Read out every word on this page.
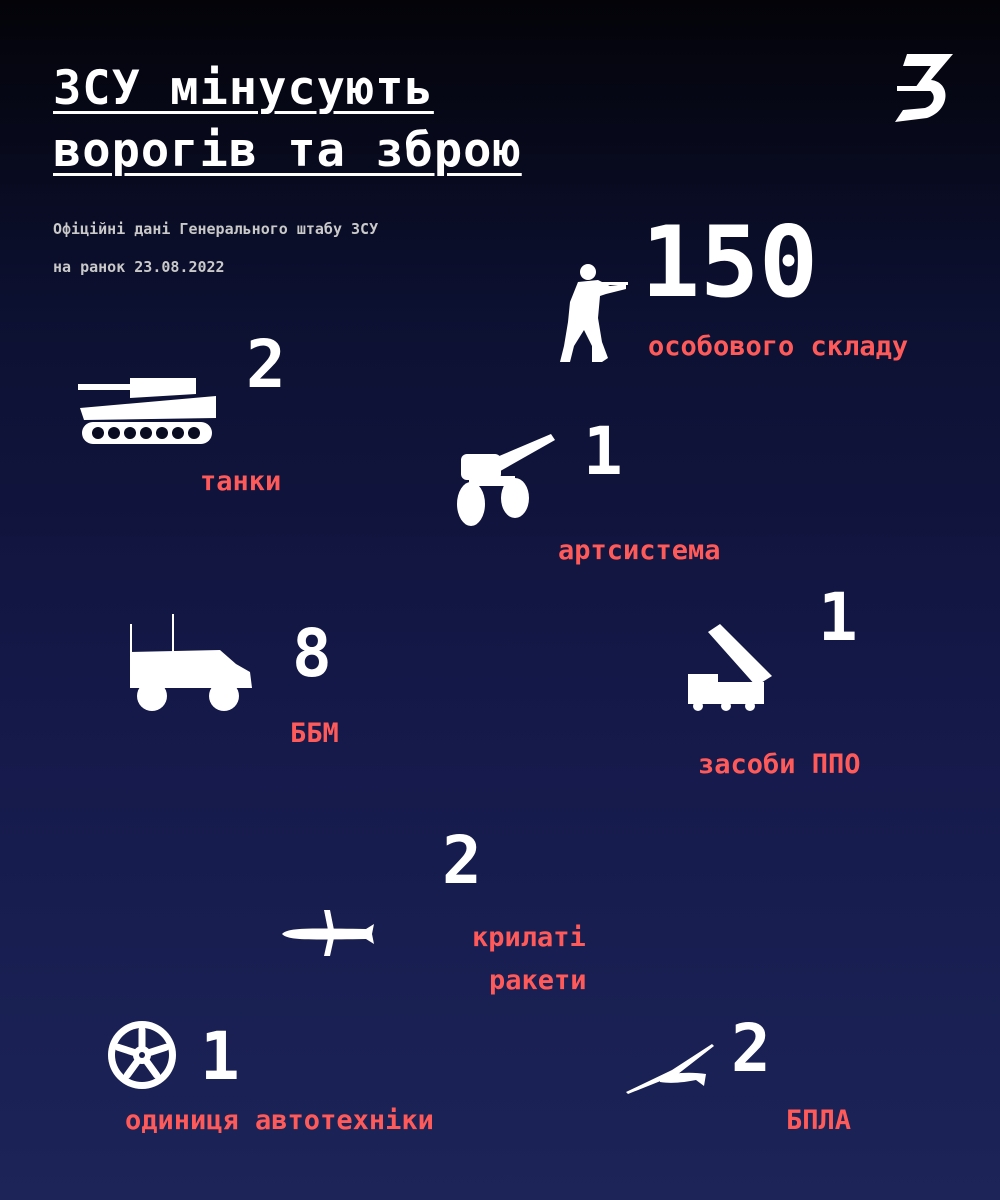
ЗСУ мінусують
ворогів та зброю
Офіційні дані Генерального штабу ЗСУ
на ранок 23.08.2022	150
особового складу
2
танки	1
артсистема
8
ББМ
1
засоби ППО
2
крилаті
ракети
1
одиниця автотехніки
2
БПЛА
